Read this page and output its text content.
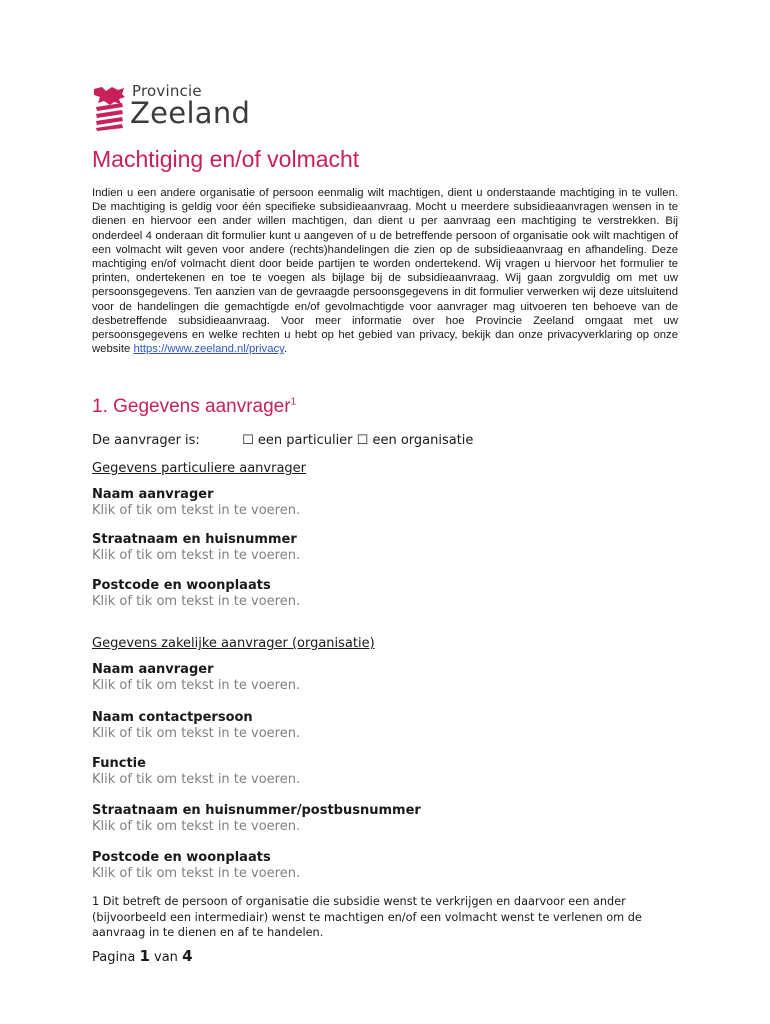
Provincie
Zeeland
Machtiging en/of volmacht

Indien u een andere organisatie of persoon eenmalig wilt machtigen, dient u onderstaande machtiging in te vullen. De machtiging is geldig voor één specifieke subsidieaanvraag. Mocht u meerdere subsidieaanvragen wensen in te dienen en hiervoor een ander willen machtigen, dan dient u per aanvraag een machtiging te verstrekken. Bij onderdeel 4 onderaan dit formulier kunt u aangeven of u de betreffende persoon of organisatie ook wilt machtigen of een volmacht wilt geven voor andere (rechts)handelingen die zien op de subsidieaanvraag en afhandeling. Deze machtiging en/of volmacht dient door beide partijen te worden ondertekend. Wij vragen u hiervoor het formulier te printen, ondertekenen en toe te voegen als bijlage bij de subsidieaanvraag. Wij gaan zorgvuldig om met uw persoonsgegevens. Ten aanzien van de gevraagde persoonsgegevens in dit formulier verwerken wij deze uitsluitend voor de handelingen die gemachtigde en/of gevolmachtigde voor aanvrager mag uitvoeren ten behoeve van de desbetreffende subsidieaanvraag. Voor meer informatie over hoe Provincie Zeeland omgaat met uw persoonsgegevens en welke rechten u hebt op het gebied van privacy, bekijk dan onze privacyverklaring op onze website https://www.zeeland.nl/privacy.

1. Gegevens aanvrager$^1$
De aanvrager is:	☐ een particulier ☐ een organisatie
Gegevens particuliere aanvrager
Naam aanvrager
Klik of tik om tekst in te voeren.
Straatnaam en huisnummer
Klik of tik om tekst in te voeren.
Postcode en woonplaats
Klik of tik om tekst in te voeren.
Gegevens zakelijke aanvrager (organisatie)
Naam aanvrager
Klik of tik om tekst in te voeren.
Naam contactpersoon
Klik of tik om tekst in te voeren.
Functie
Klik of tik om tekst in te voeren.
Straatnaam en huisnummer/postbusnummer
Klik of tik om tekst in te voeren.
Postcode en woonplaats
Klik of tik om tekst in te voeren.

1 Dit betreft de persoon of organisatie die subsidie wenst te verkrijgen en daarvoor een ander (bijvoorbeeld een intermediair) wenst te machtigen en/of een volmacht wenst te verlenen om de aanvraag in te dienen en af te handelen.

Pagina 1 van 4
